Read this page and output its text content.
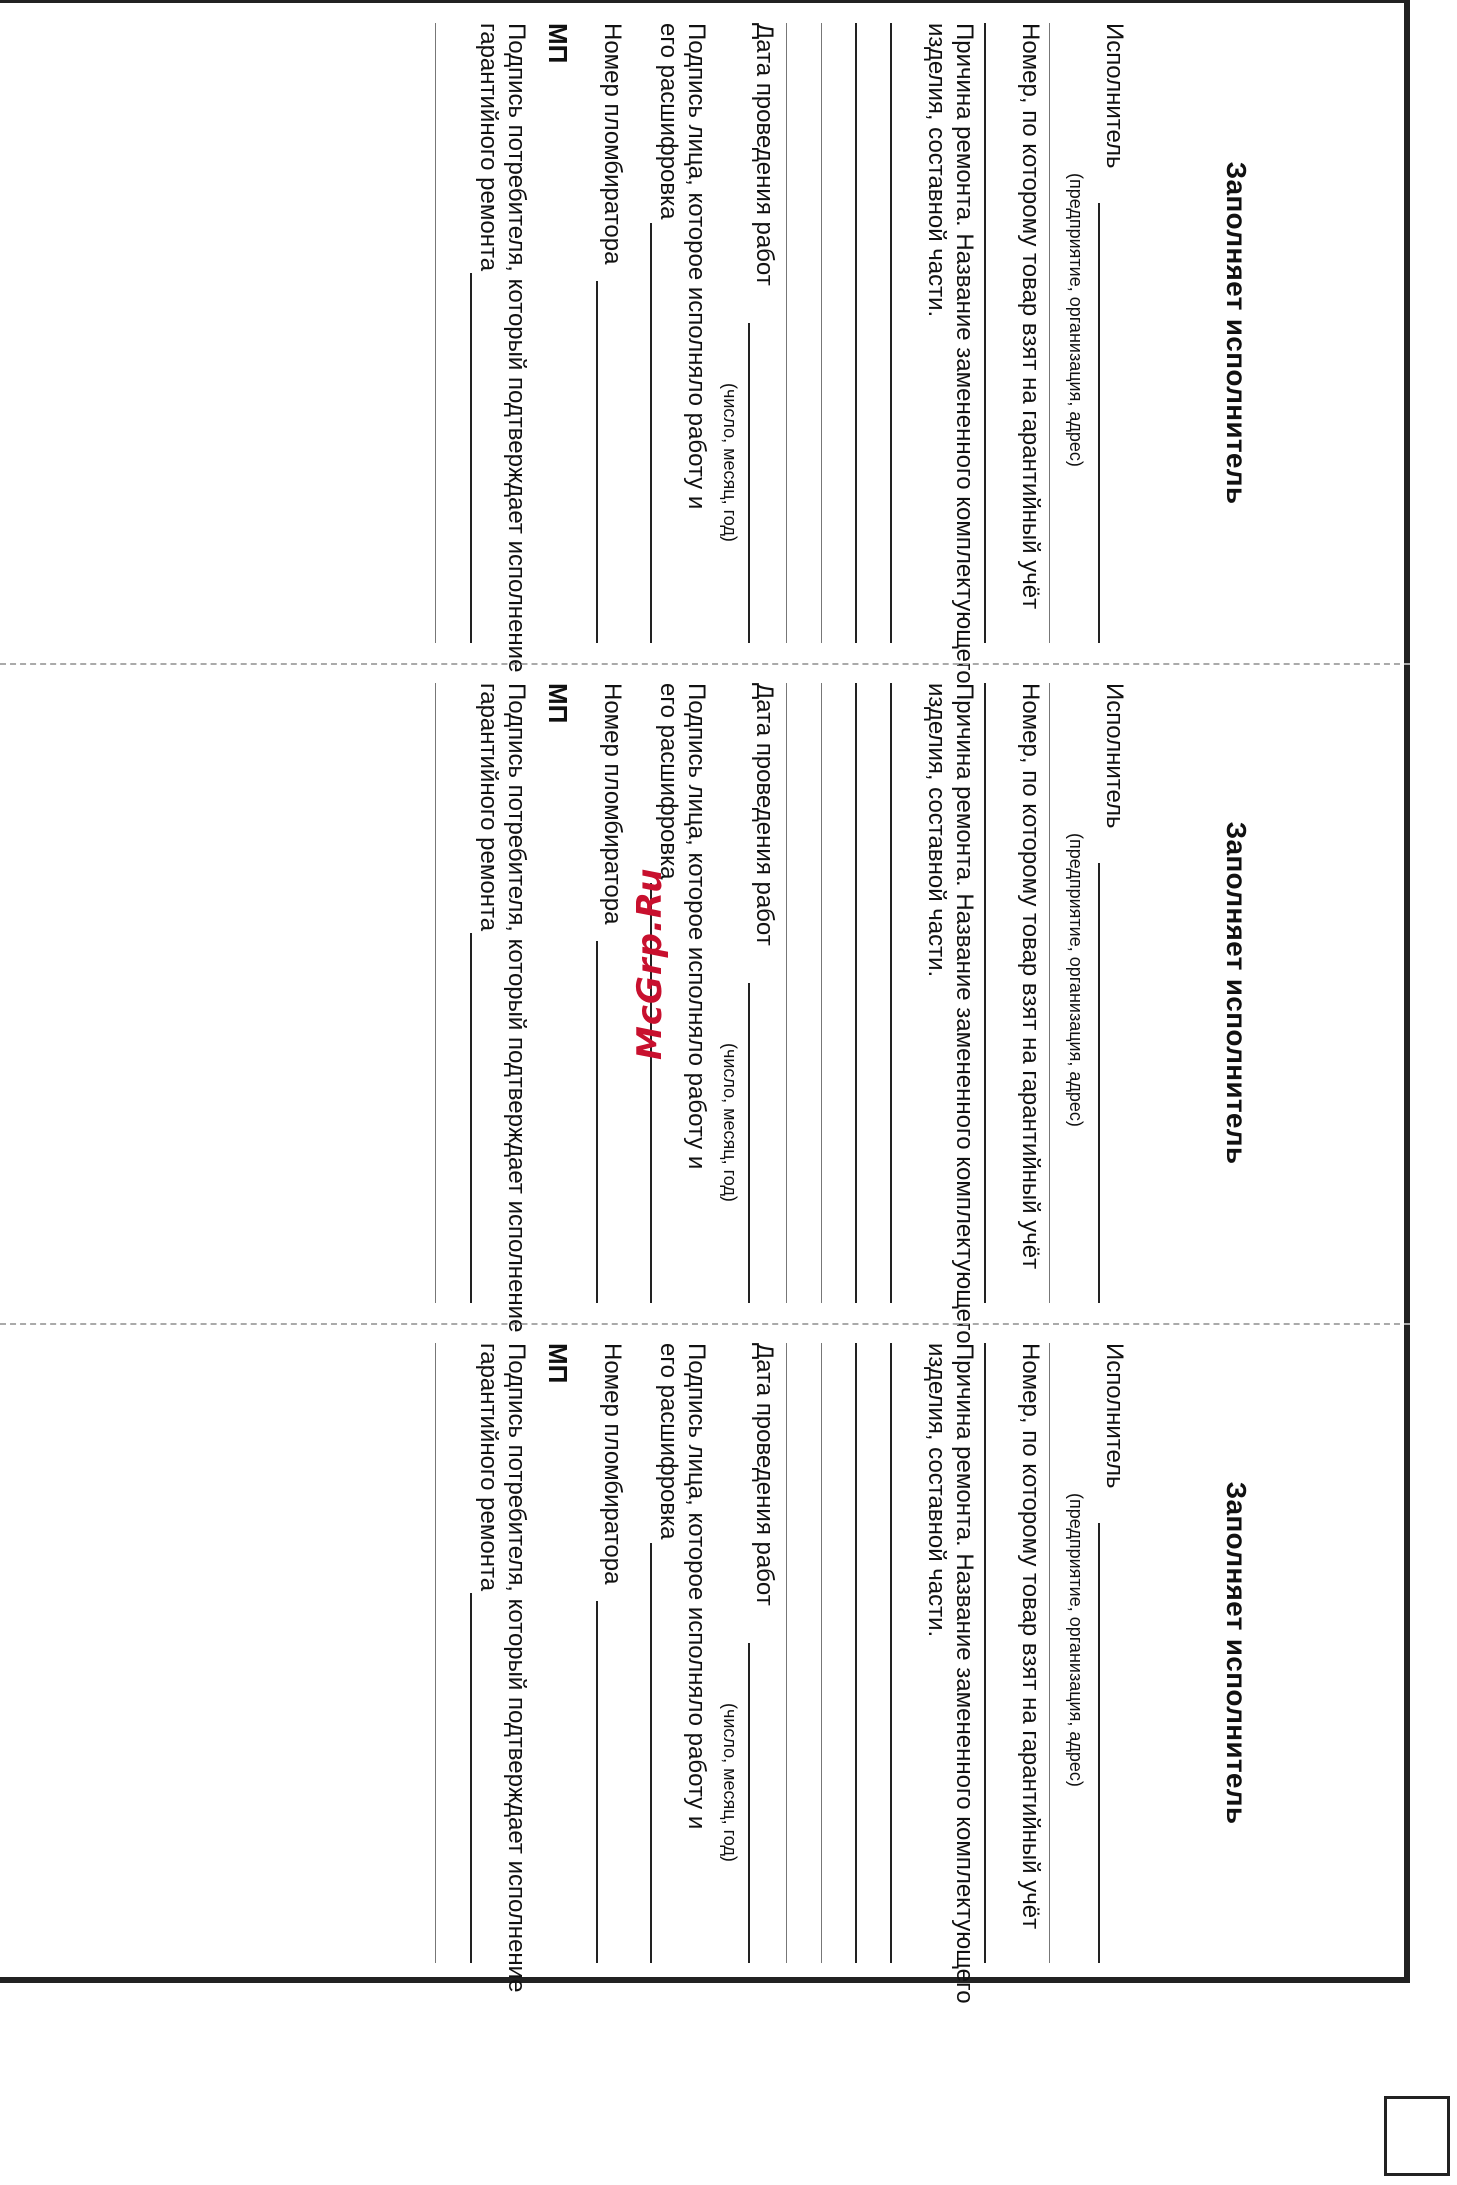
Заполняет исполнитель
Исполнитель
(предприятие, организация, адрес)
Номер, по которому товар взят на гарантийный учёт
Причина ремонта. Название замененного комплектующего
изделия, составной части.
Дата проведения работ
(число, месяц, год)
Подпись лица, которое исполняло работу и
его расшифровка
Номер пломбиратора
МП
Подпись потребителя, который подтверждает исполнение
гарантийного ремонта
Заполняет исполнитель
Исполнитель
(предприятие, организация, адрес)
Номер, по которому товар взят на гарантийный учёт
Причина ремонта. Название замененного комплектующего
изделия, составной части.
Дата проведения работ
(число, месяц, год)
Подпись лица, которое исполняло работу и
его расшифровка
Номер пломбиратора
МП
Подпись потребителя, который подтверждает исполнение
гарантийного ремонта
Заполняет исполнитель
Исполнитель
(предприятие, организация, адрес)
Номер, по которому товар взят на гарантийный учёт
Причина ремонта. Название замененного комплектующего
изделия, составной части.
Дата проведения работ
(число, месяц, год)
Подпись лица, которое исполняло работу и
его расшифровка
Номер пломбиратора
МП
Подпись потребителя, который подтверждает исполнение
гарантийного ремонта
McGrp.Ru
